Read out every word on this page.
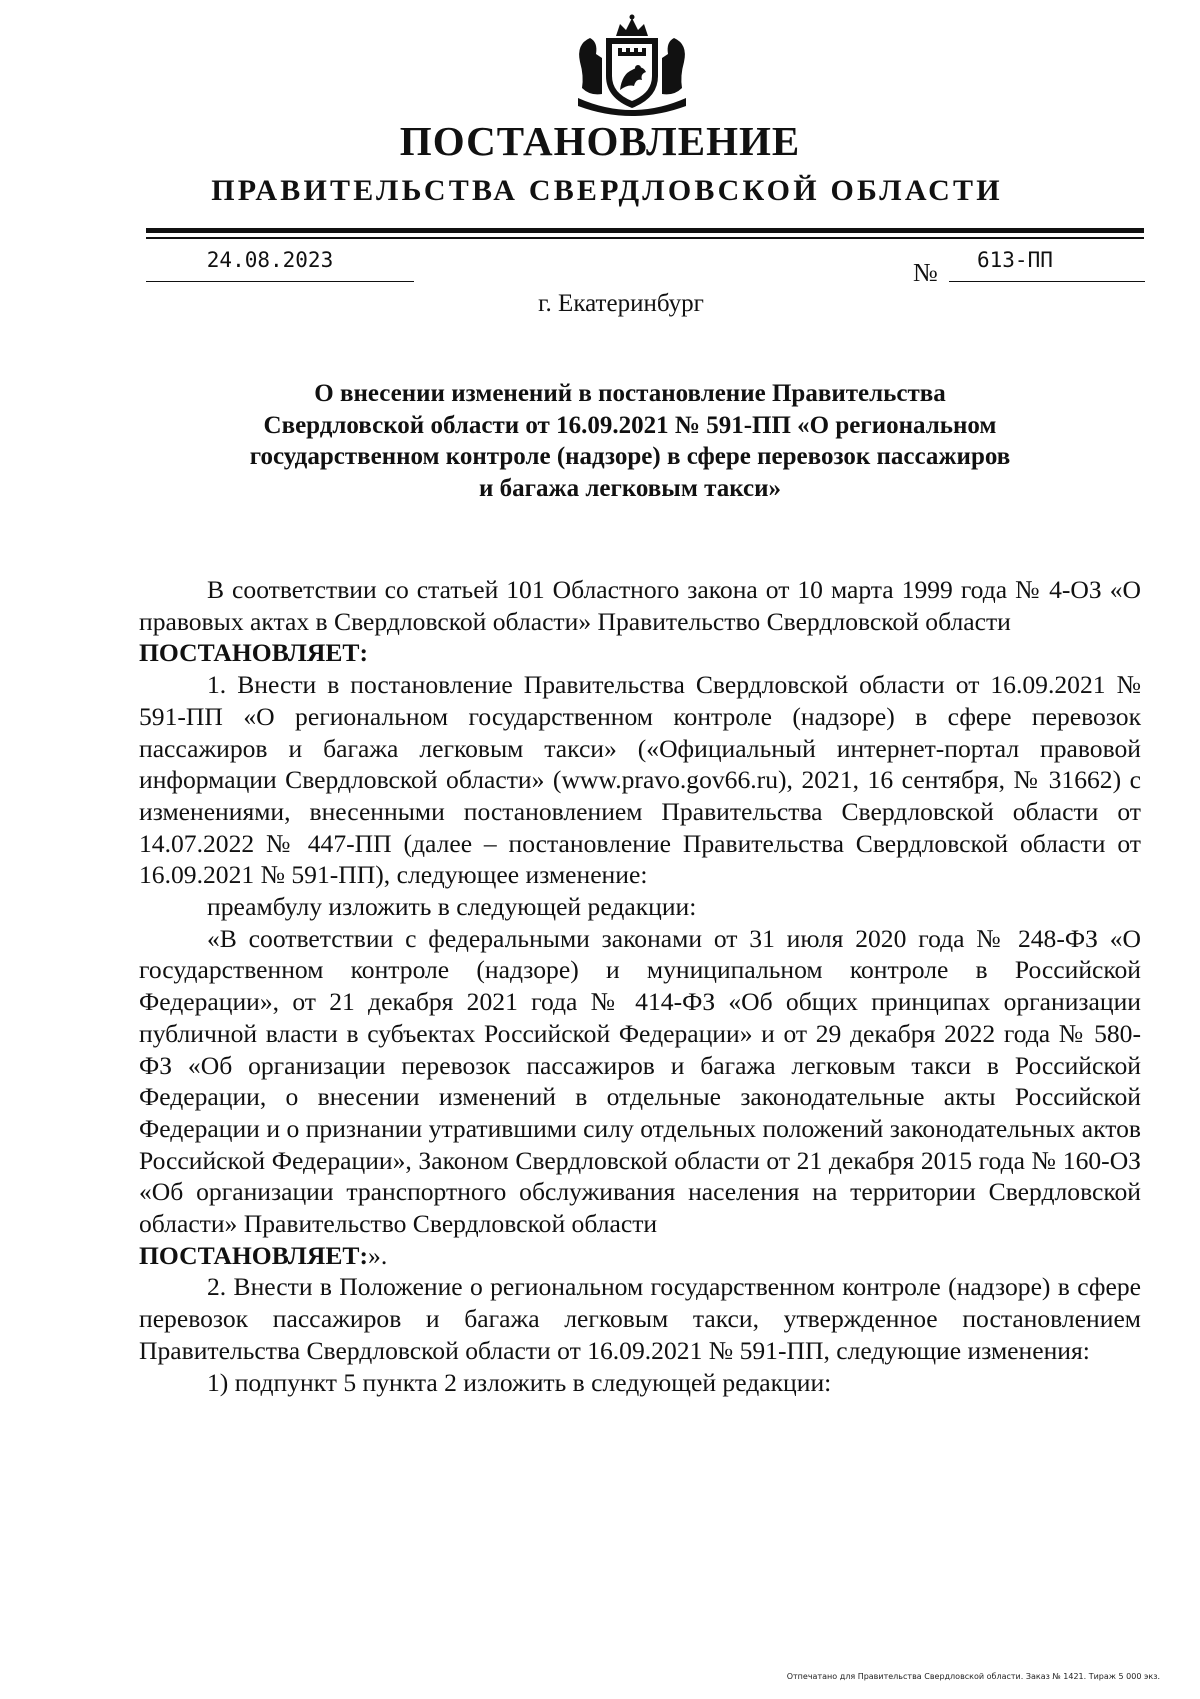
ПОСТАНОВЛЕНИЕ
ПРАВИТЕЛЬСТВА СВЕРДЛОВСКОЙ ОБЛАСТИ
24.08.2023	№	613-ПП
г. Екатеринбург
О внесении изменений в постановление Правительства
Свердловской области от 16.09.2021 № 591-ПП «О региональном
государственном контроле (надзоре) в сфере перевозок пассажиров
и багажа легковым такси»

В соответствии со статьей 101 Областного закона от 10 марта 1999 года № 4-ОЗ «О правовых актах в Свердловской области» Правительство Свердловской области

ПОСТАНОВЛЯЕТ:

1. Внести в постановление Правительства Свердловской области от 16.09.2021 № 591-ПП «О региональном государственном контроле (надзоре) в сфере перевозок пассажиров и багажа легковым такси» («Официальный интернет-портал правовой информации Свердловской области» (www.pravo.gov66.ru), 2021, 16 сентября, № 31662) с изменениями, внесенными постановлением Правительства Свердловской области от 14.07.2022 № 447-ПП (далее – постановление Правительства Свердловской области от 16.09.2021 № 591-ПП), следующее изменение:

преамбулу изложить в следующей редакции:

«В соответствии с федеральными законами от 31 июля 2020 года № 248-ФЗ «О государственном контроле (надзоре) и муниципальном контроле в Российской Федерации», от 21 декабря 2021 года № 414-ФЗ «Об общих принципах организации публичной власти в субъектах Российской Федерации» и от 29 декабря 2022 года № 580-ФЗ «Об организации перевозок пассажиров и багажа легковым такси в Российской Федерации, о внесении изменений в отдельные законодательные акты Российской Федерации и о признании утратившими силу отдельных положений законодательных актов Российской Федерации», Законом Свердловской области от 21 декабря 2015 года № 160-ОЗ «Об организации транспортного обслуживания населения на территории Свердловской области» Правительство Свердловской области

ПОСТАНОВЛЯЕТ:».

2. Внести в Положение о региональном государственном контроле (надзоре) в сфере перевозок пассажиров и багажа легковым такси, утвержденное постановлением Правительства Свердловской области от 16.09.2021 № 591-ПП, следующие изменения:

1) подпункт 5 пункта 2 изложить в следующей редакции:

Отпечатано для Правительства Свердловской области. Заказ № 1421. Тираж 5 000 экз.
